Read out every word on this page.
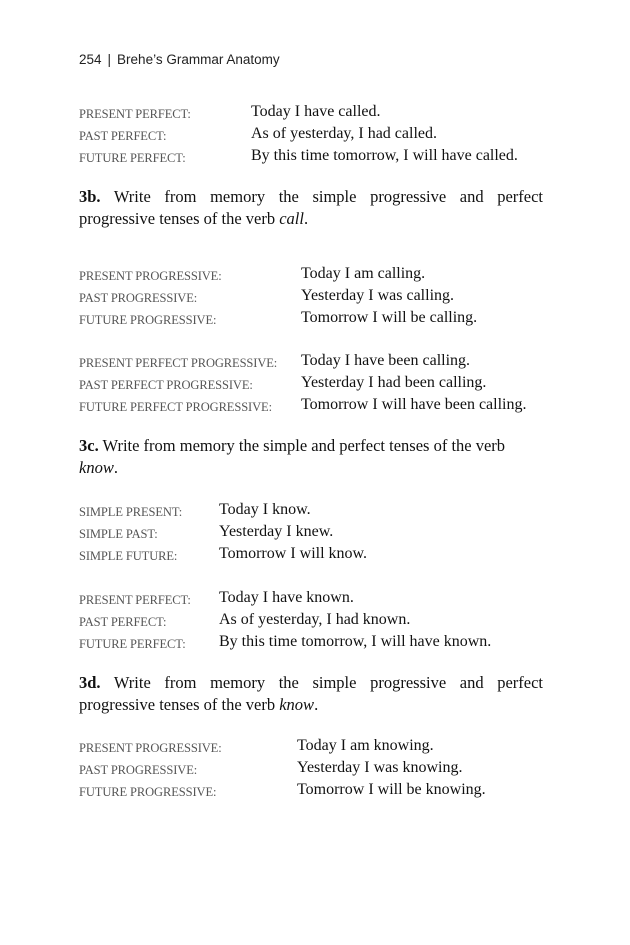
254 | Brehe’s Grammar Anatomy
PRESENT PERFECT:	Today I have called.
PAST PERFECT:	As of yesterday, I had called.
FUTURE PERFECT:	By this time tomorrow, I will have called.
3b. Write from memory the simple progressive and perfect progressive tenses of the verb call.
PRESENT PROGRESSIVE:	Today I am calling.
PAST PROGRESSIVE:	Yesterday I was calling.
FUTURE PROGRESSIVE:	Tomorrow I will be calling.
PRESENT PERFECT PROGRESSIVE: Today I have been calling.
PAST PERFECT PROGRESSIVE:	Yesterday I had been calling.
FUTURE PERFECT PROGRESSIVE: Tomorrow I will have been calling.
3c. Write from memory the simple and perfect tenses of the verb know.
SIMPLE PRESENT: Today I know.
SIMPLE PAST:	Yesterday I knew.
SIMPLE FUTURE:	Tomorrow I will know.
PRESENT PERFECT: Today I have known.
PAST PERFECT:	As of yesterday, I had known.
FUTURE PERFECT: By this time tomorrow, I will have known.
3d. Write from memory the simple progressive and perfect progressive tenses of the verb know.
PRESENT PROGRESSIVE:	Today I am knowing.
PAST PROGRESSIVE:	Yesterday I was knowing.
FUTURE PROGRESSIVE:	Tomorrow I will be knowing.
